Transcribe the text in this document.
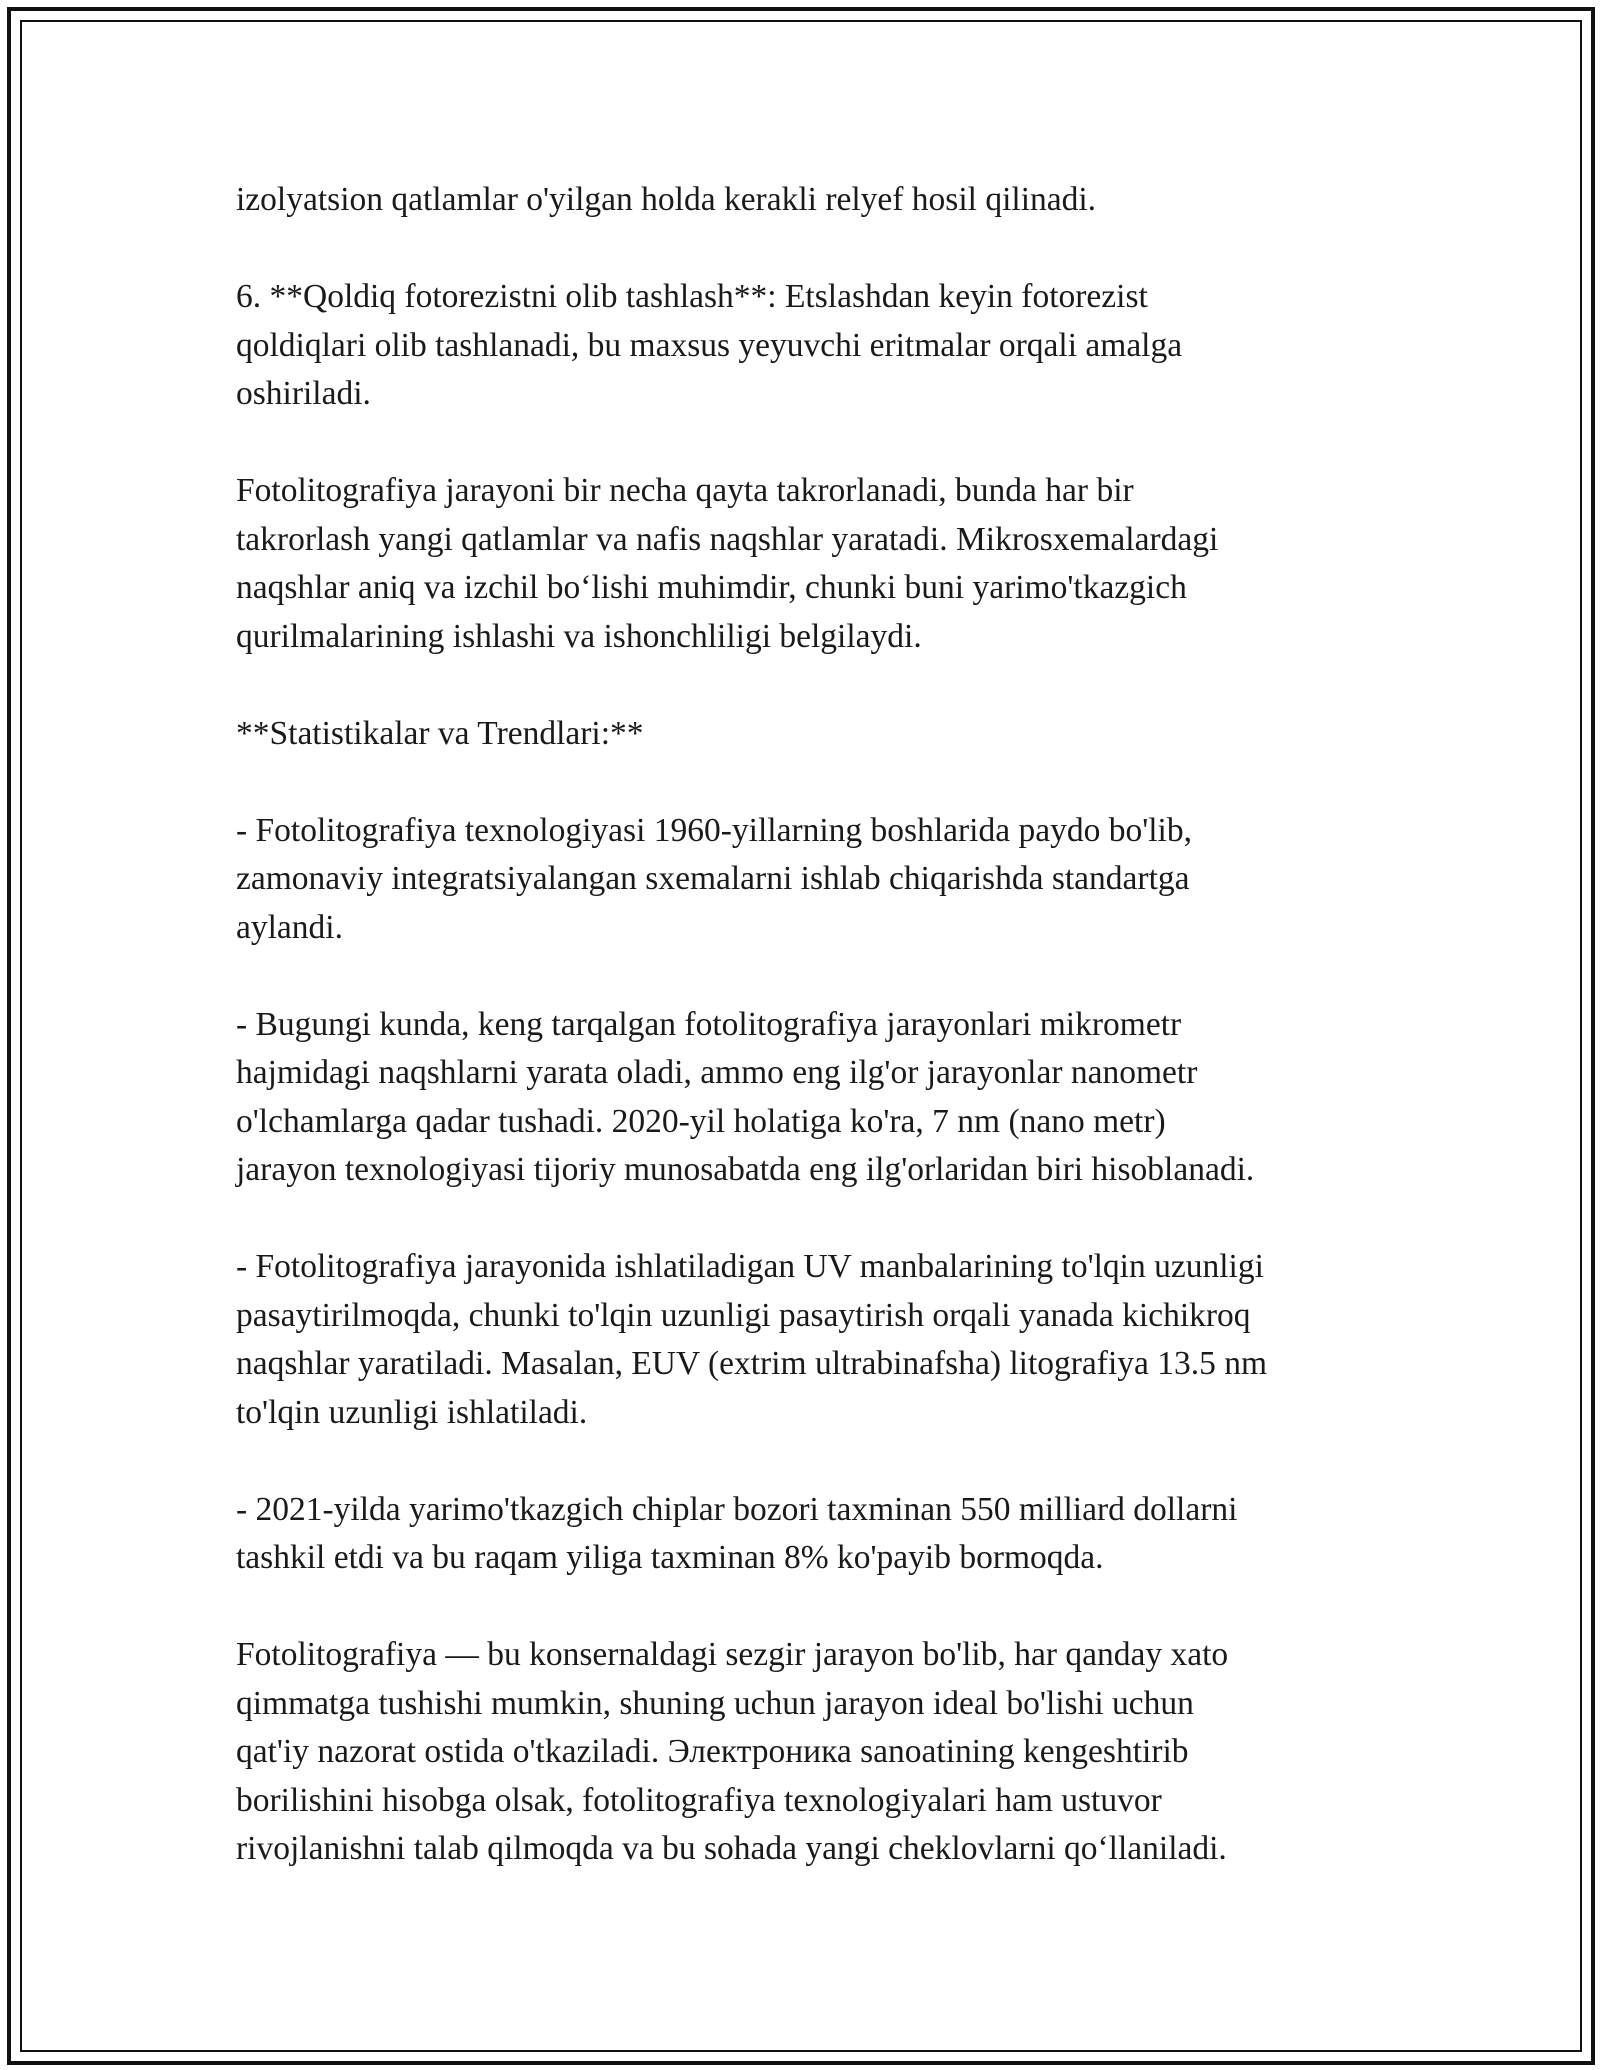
izolyatsion qatlamlar o'yilgan holda kerakli relyef hosil qilinadi.

6. **Qoldiq fotorezistni olib tashlash**: Etslashdan keyin fotorezist
qoldiqlari olib tashlanadi, bu maxsus yeyuvchi eritmalar orqali amalga
oshiriladi.

Fotolitografiya jarayoni bir necha qayta takrorlanadi, bunda har bir
takrorlash yangi qatlamlar va nafis naqshlar yaratadi. Mikrosxemalardagi
naqshlar aniq va izchil bo‘lishi muhimdir, chunki buni yarimo'tkazgich
qurilmalarining ishlashi va ishonchliligi belgilaydi.

**Statistikalar va Trendlari:**

- Fotolitografiya texnologiyasi 1960-yillarning boshlarida paydo bo'lib,
zamonaviy integratsiyalangan sxemalarni ishlab chiqarishda standartga
aylandi.

- Bugungi kunda, keng tarqalgan fotolitografiya jarayonlari mikrometr
hajmidagi naqshlarni yarata oladi, ammo eng ilg'or jarayonlar nanometr
o'lchamlarga qadar tushadi. 2020-yil holatiga ko'ra, 7 nm (nano metr)
jarayon texnologiyasi tijoriy munosabatda eng ilg'orlaridan biri hisoblanadi.

- Fotolitografiya jarayonida ishlatiladigan UV manbalarining to'lqin uzunligi
pasaytirilmoqda, chunki to'lqin uzunligi pasaytirish orqali yanada kichikroq
naqshlar yaratiladi. Masalan, EUV (extrim ultrabinafsha) litografiya 13.5 nm
to'lqin uzunligi ishlatiladi.

- 2021-yilda yarimo'tkazgich chiplar bozori taxminan 550 milliard dollarni
tashkil etdi va bu raqam yiliga taxminan 8% ko'payib bormoqda.

Fotolitografiya — bu konsernaldagi sezgir jarayon bo'lib, har qanday xato
qimmatga tushishi mumkin, shuning uchun jarayon ideal bo'lishi uchun
qat'iy nazorat ostida o'tkaziladi. Электроника sanoatining kengeshtirib
borilishini hisobga olsak, fotolitografiya texnologiyalari ham ustuvor
rivojlanishni talab qilmoqda va bu sohada yangi cheklovlarni qo‘llaniladi.
